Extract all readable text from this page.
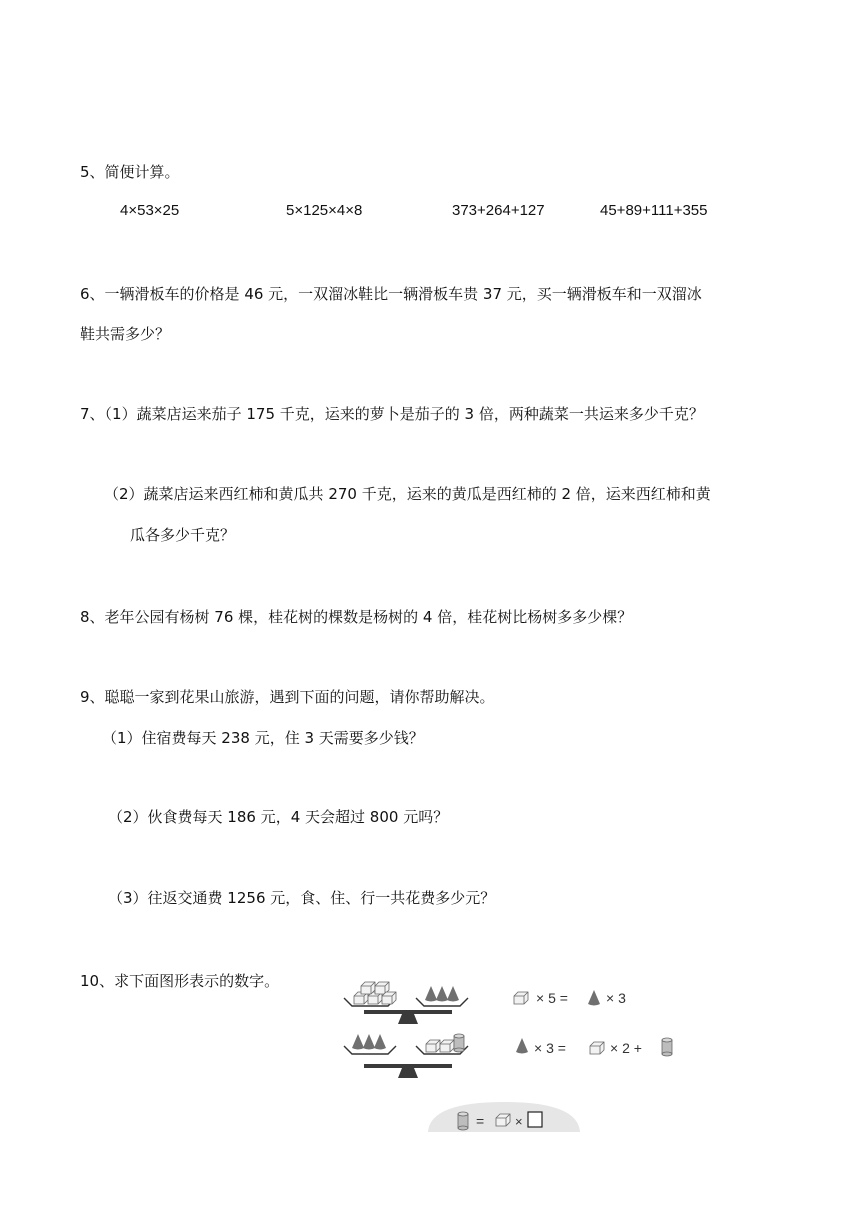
5、简便计算。
4×53×25	5×125×4×8	373+264+127	45+89+111+355
6、一辆滑板车的价格是 46 元，一双溜冰鞋比一辆滑板车贵 37 元，买一辆滑板车和一双溜冰
鞋共需多少？
7、（1）蔬菜店运来茄子 175 千克，运来的萝卜是茄子的 3 倍，两种蔬菜一共运来多少千克？
（2）蔬菜店运来西红柿和黄瓜共 270 千克，运来的黄瓜是西红柿的 2 倍，运来西红柿和黄
瓜各多少千克？
8、老年公园有杨树 76 棵，桂花树的棵数是杨树的 4 倍，桂花树比杨树多多少棵？
9、聪聪一家到花果山旅游，遇到下面的问题，请你帮助解决。
（1）住宿费每天 238 元，住 3 天需要多少钱？
（2）伙食费每天 186 元，4 天会超过 800 元吗？
（3）往返交通费 1256 元，食、住、行一共花费多少元？
10、求下面图形表示的数字。
× 5 =	× 3
× 3 =	× 2 +
= ×
